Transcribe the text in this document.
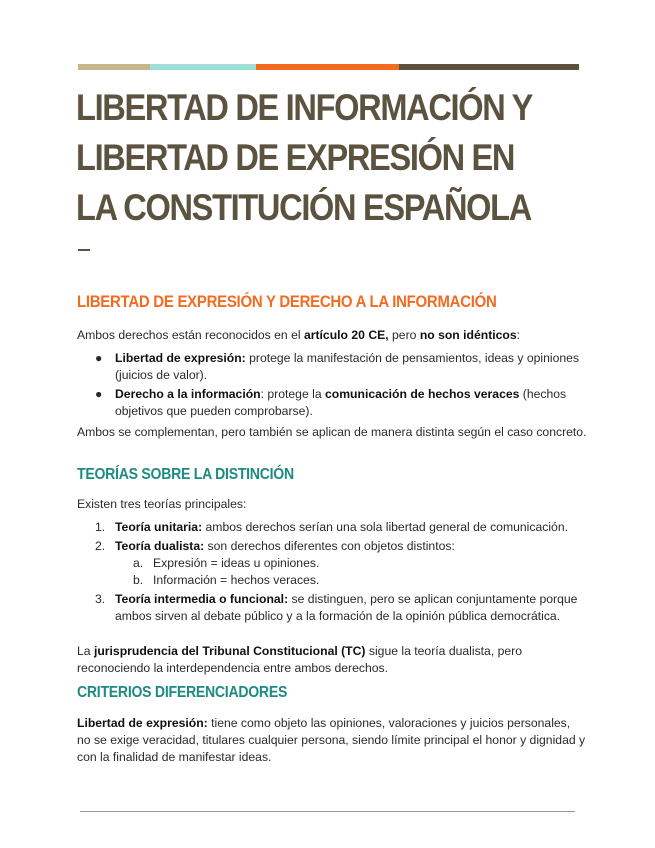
LIBERTAD DE INFORMACIÓN Y
LIBERTAD DE EXPRESIÓN EN
LA CONSTITUCIÓN ESPAÑOLA
LIBERTAD DE EXPRESIÓN Y DERECHO A LA INFORMACIÓN
Ambos derechos están reconocidos en el artículo 20 CE, pero no son idénticos:
● Libertad de expresión: protege la manifestación de pensamientos, ideas y opiniones (juicios de valor).
● Derecho a la información: protege la comunicación de hechos veraces (hechos objetivos que pueden comprobarse).
Ambos se complementan, pero también se aplican de manera distinta según el caso concreto.
TEORÍAS SOBRE LA DISTINCIÓN
Existen tres teorías principales:
1. Teoría unitaria: ambos derechos serían una sola libertad general de comunicación.
2. Teoría dualista: son derechos diferentes con objetos distintos:
a. Expresión = ideas u opiniones.
b. Información = hechos veraces.
3. Teoría intermedia o funcional: se distinguen, pero se aplican conjuntamente porque ambos sirven al debate público y a la formación de la opinión pública democrática.
La jurisprudencia del Tribunal Constitucional (TC) sigue la teoría dualista, pero reconociendo la interdependencia entre ambos derechos.
CRITERIOS DIFERENCIADORES
Libertad de expresión: tiene como objeto las opiniones, valoraciones y juicios personales, no se exige veracidad, titulares cualquier persona, siendo límite principal el honor y dignidad y con la finalidad de manifestar ideas.
